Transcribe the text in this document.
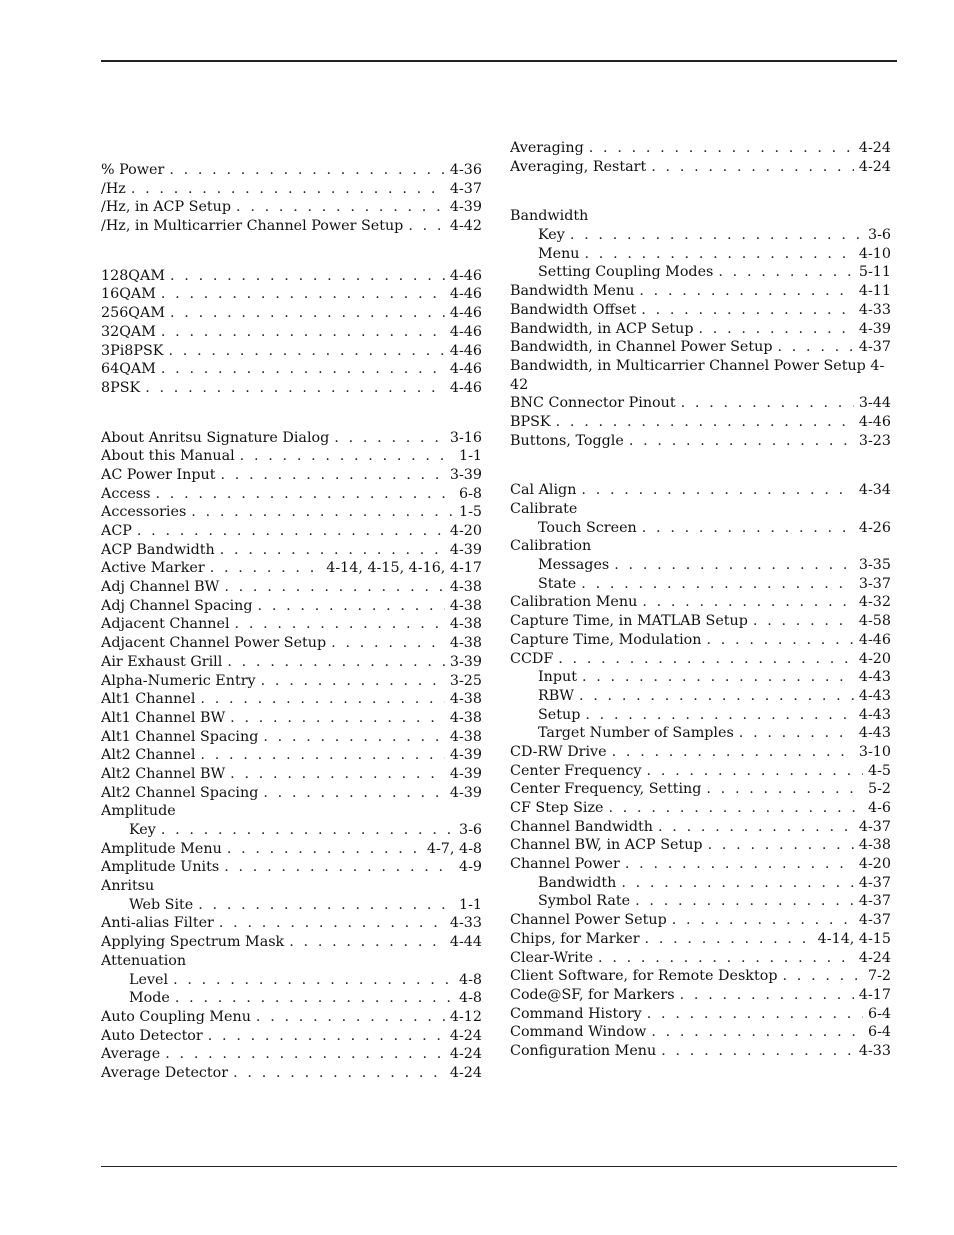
% Power . . .	4-36
/Hz . . .	4-37
/Hz, in ACP Setup . . .	4-39
/Hz, in Multicarrier Channel Power Setup . . .	4-42
128QAM . . .	4-46
16QAM . . .	4-46
256QAM . . .	4-46
32QAM . . .	4-46
3Pi8PSK . . .	4-46
64QAM . . .	4-46
8PSK . . .	4-46
About Anritsu Signature Dialog . . .	3-16
About this Manual . . .	1-1
AC Power Input . . .	3-39
Access . . .	6-8
Accessories . . .	1-5
ACP . . .	4-20
ACP Bandwidth . . .	4-39
Active Marker . . .	4-14, 4-15, 4-16, 4-17
Adj Channel BW . . .	4-38
Adj Channel Spacing . . .	4-38
Adjacent Channel . . .	4-38
Adjacent Channel Power Setup . . .	4-38
Air Exhaust Grill . . .	3-39
Alpha-Numeric Entry . . .	3-25
Alt1 Channel . . .	4-38
Alt1 Channel BW . . .	4-38
Alt1 Channel Spacing . . .	4-38
Alt2 Channel . . .	4-39
Alt2 Channel BW . . .	4-39
Alt2 Channel Spacing . . .	4-39
Amplitude
Key . . .	3-6
Amplitude Menu . . .	4-7, 4-8
Amplitude Units . . .	4-9
Anritsu
Web Site . . .	1-1
Anti-alias Filter . . .	4-33
Applying Spectrum Mask . . .	4-44
Attenuation
Level . . .	4-8
Mode . . .	4-8
Auto Coupling Menu . . .	4-12
Auto Detector . . .	4-24
Average . . .	4-24
Average Detector . . .	4-24
Averaging . . .	4-24
Averaging, Restart . . .	4-24
Bandwidth
Key . . .	3-6
Menu . . .	4-10
Setting Coupling Modes . . .	5-11
Bandwidth Menu . . .	4-11
Bandwidth Offset . . .	4-33
Bandwidth, in ACP Setup . . .	4-39
Bandwidth, in Channel Power Setup . . .	4-37
Bandwidth, in Multicarrier Channel Power Setup 4-42
BNC Connector Pinout . . .	3-44
BPSK . . .	4-46
Buttons, Toggle . . .	3-23
Cal Align . . .	4-34
Calibrate
Touch Screen . . .	4-26
Calibration
Messages . . .	3-35
State . . .	3-37
Calibration Menu . . .	4-32
Capture Time, in MATLAB Setup . . .	4-58
Capture Time, Modulation . . .	4-46
CCDF . . .	4-20
Input . . .	4-43
RBW . . .	4-43
Setup . . .	4-43
Target Number of Samples . . .	4-43
CD-RW Drive . . .	3-10
Center Frequency . . .	4-5
Center Frequency, Setting . . .	5-2
CF Step Size . . .	4-6
Channel Bandwidth . . .	4-37
Channel BW, in ACP Setup . . .	4-38
Channel Power . . .	4-20
Bandwidth . . .	4-37
Symbol Rate . . .	4-37
Channel Power Setup . . .	4-37
Chips, for Marker . . .	4-14, 4-15
Clear-Write . . .	4-24
Client Software, for Remote Desktop . . .	7-2
Code@SF, for Markers . . .	4-17
Command History . . .	6-4
Command Window . . .	6-4
Configuration Menu . . .	4-33
